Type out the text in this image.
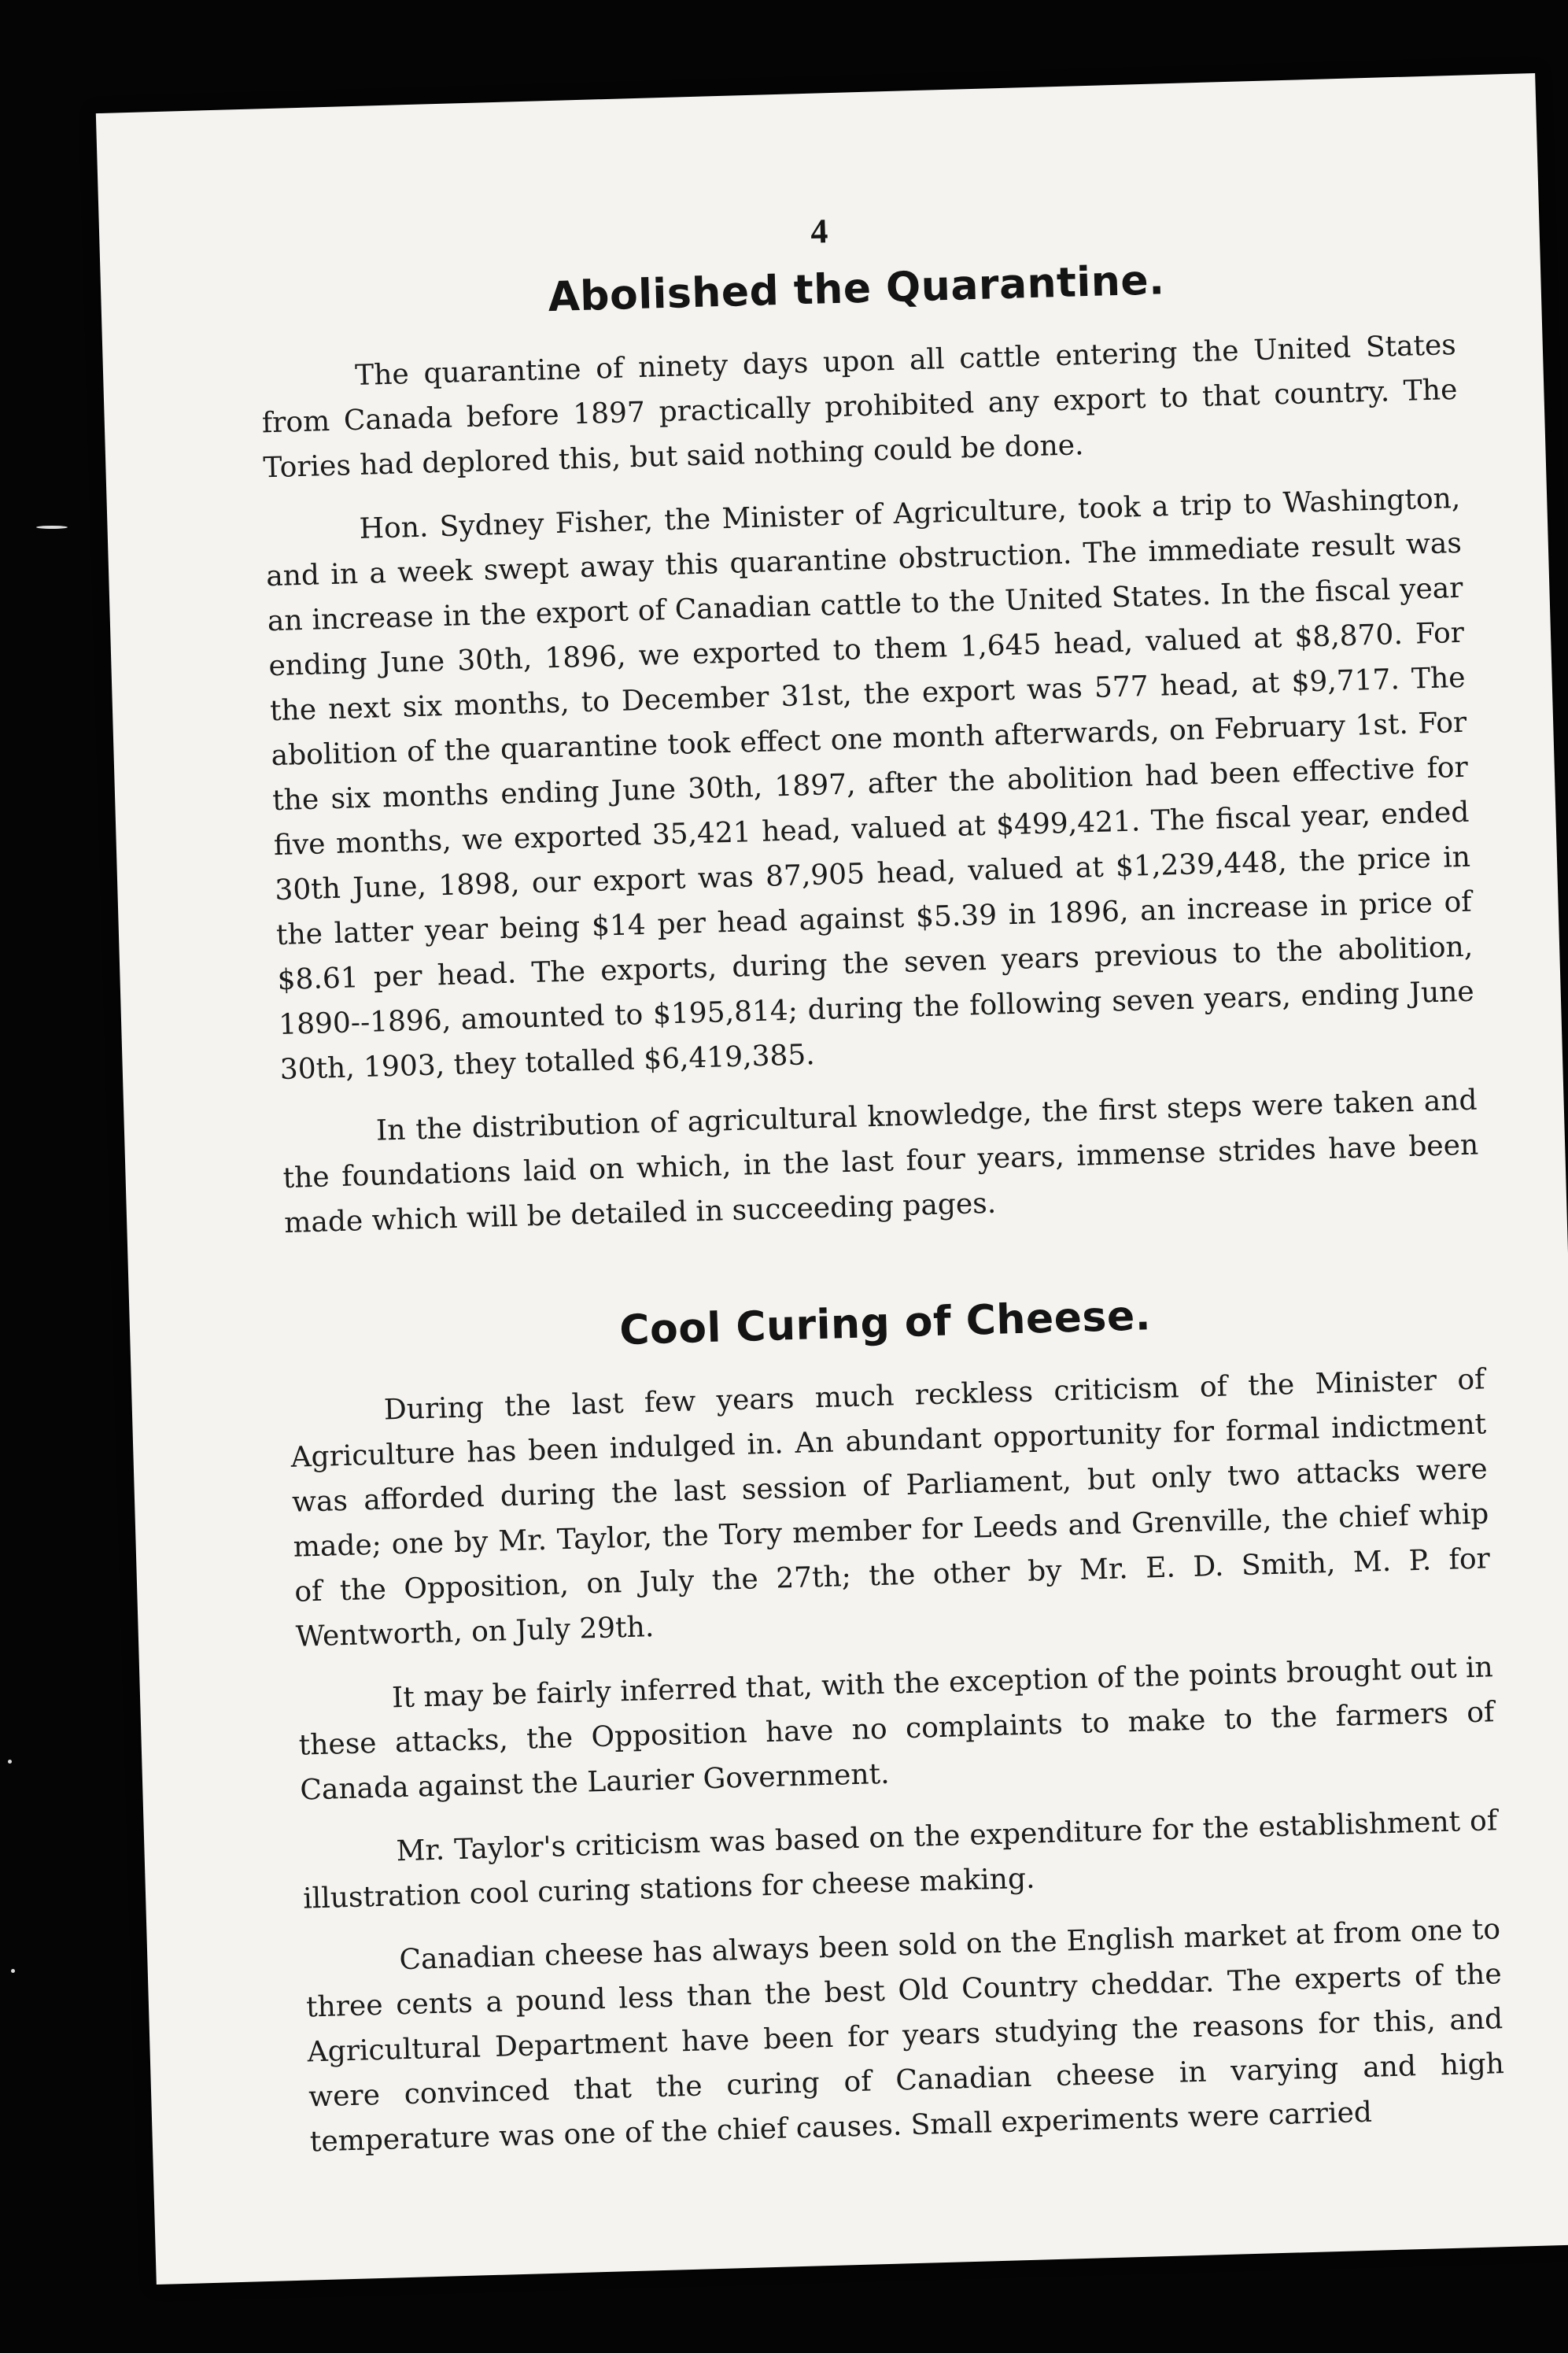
4
Abolished the Quarantine.

The quarantine of ninety days upon all cattle entering the United States from Canada before 1897 practically prohibited any export to that country. The Tories had deplored this, but said nothing could be done.

Hon. Sydney Fisher, the Minister of Agriculture, took a trip to Washington, and in a week swept away this quarantine obstruction. The immediate result was an increase in the export of Canadian cattle to the United States. In the fiscal year ending June 30th, 1896, we exported to them 1,645 head, valued at $8,870. For the next six months, to December 31st, the export was 577 head, at $9,717. The abolition of the quarantine took effect one month afterwards, on February 1st. For the six months ending June 30th, 1897, after the abolition had been effective for five months, we exported 35,421 head, valued at $499,421. The fiscal year, ended 30th June, 1898, our export was 87,905 head, valued at $1,239,448, the price in the latter year being $14 per head against $5.39 in 1896, an increase in price of $8.61 per head. The exports, during the seven years previous to the abolition, 1890--1896, amounted to $195,814; during the following seven years, ending June 30th, 1903, they totalled $6,419,385.

In the distribution of agricultural knowledge, the first steps were taken and the foundations laid on which, in the last four years, immense strides have been made which will be detailed in succeeding pages.

Cool Curing of Cheese.

During the last few years much reckless criticism of the Minister of Agriculture has been indulged in. An abundant opportunity for formal indictment was afforded during the last session of Parliament, but only two attacks were made; one by Mr. Taylor, the Tory member for Leeds and Grenville, the chief whip of the Opposition, on July the 27th; the other by Mr. E. D. Smith, M. P. for Wentworth, on July 29th.

It may be fairly inferred that, with the exception of the points brought out in these attacks, the Opposition have no complaints to make to the farmers of Canada against the Laurier Government.

Mr. Taylor's criticism was based on the expenditure for the establishment of illustration cool curing stations for cheese making.

Canadian cheese has always been sold on the English market at from one to three cents a pound less than the best Old Country cheddar. The experts of the Agricultural Department have been for years studying the reasons for this, and were convinced that the curing of Canadian cheese in varying and high temperature was one of the chief causes. Small experiments were carried
